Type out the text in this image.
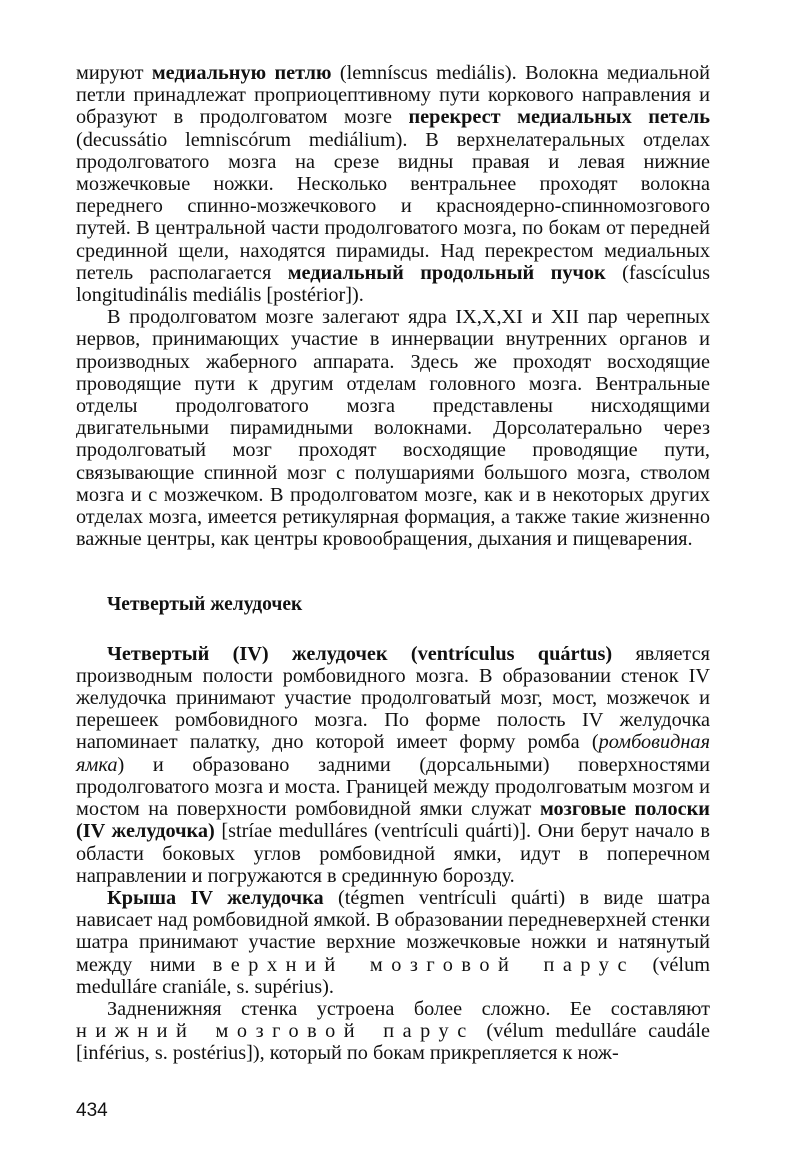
мируют медиальную петлю (lemníscus mediális). Волокна медиальной петли принадлежат проприоцептивному пути коркового направления и образуют в продолговатом мозге перекрест медиальных петель (decussátio lemniscórum mediálium). В верхнелатеральных отделах продолговатого мозга на срезе видны правая и левая нижние мозжечковые ножки. Несколько вентральнее проходят волокна переднего спинно-мозжечкового и красноядерно-спинномозгового путей. В центральной части продолговатого мозга, по бокам от передней срединной щели, находятся пирамиды. Над перекрестом медиальных петель располагается медиальный продольный пучок (fascículus longitudinális mediális [postérior]).

В продолговатом мозге залегают ядра IX,X,XI и XII пар черепных нервов, принимающих участие в иннервации внутренних органов и производных жаберного аппарата. Здесь же проходят восходящие проводящие пути к другим отделам головного мозга. Вентральные отделы продолговатого мозга представлены нисходящими двигательными пирамидными волокнами. Дорсолатерально через продолговатый мозг проходят восходящие проводящие пути, связывающие спинной мозг с полушариями большого мозга, стволом мозга и с мозжечком. В продолговатом мозге, как и в некоторых других отделах мозга, имеется ретикулярная формация, а также такие жизненно важные центры, как центры кровообращения, дыхания и пищеварения.

Четвертый желудочек

Четвертый (IV) желудочек (ventrículus quártus) является производным полости ромбовидного мозга. В образовании стенок IV желудочка принимают участие продолговатый мозг, мост, мозжечок и перешеек ромбовидного мозга. По форме полость IV желудочка напоминает палатку, дно которой имеет форму ромба (ромбовидная ямка) и образовано задними (дорсальными) поверхностями продолговатого мозга и моста. Границей между продолговатым мозгом и мостом на поверхности ромбовидной ямки служат мозговые полоски (IV желудочка) [stríae medulláres (ventrículi quárti)]. Они берут начало в области боковых углов ромбовидной ямки, идут в поперечном направлении и погружаются в срединную борозду.

Крыша IV желудочка (tégmen ventrículi quárti) в виде шатра нависает над ромбовидной ямкой. В образовании передневерхней стенки шатра принимают участие верхние мозжечковые ножки и натянутый между ними верхний мозговой парус (vélum medulláre craniále, s. supérius).

Задненижняя стенка устроена более сложно. Ее составляют нижний мозговой парус (vélum medulláre caudále [inférius, s. postérius]), который по бокам прикрепляется к нож-

434
